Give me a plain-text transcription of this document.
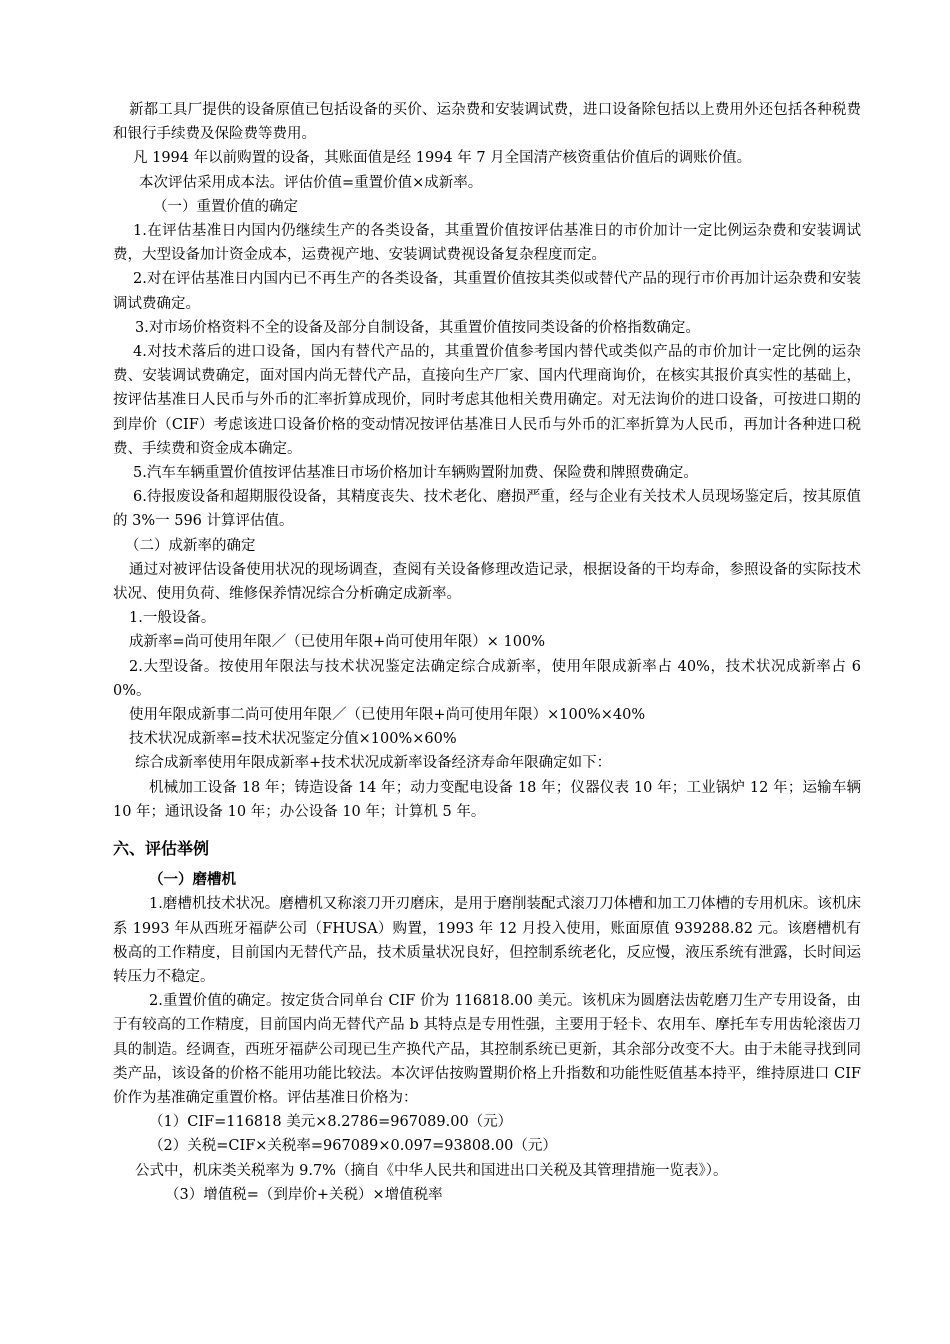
新都工具厂提供的设备原值已包括设备的买价、运杂费和安装调试费，进口设备除包括以上费用外还包括各种税费和银行手续费及保险费等费用。

凡 1994 年以前购置的设备，其账面值是经 1994 年 7 月全国清产核资重估价值后的调账价值。

本次评估采用成本法。评估价值=重置价值×成新率。

（一）重置价值的确定

1.在评估基准日内国内仍继续生产的各类设备，其重置价值按评估基准日的市价加计一定比例运杂费和安装调试费，大型设备加计资金成本，运费视产地、安装调试费视设备复杂程度而定。

2.对在评估基准日内国内已不再生产的各类设备，其重置价值按其类似或替代产品的现行市价再加计运杂费和安装调试费确定。

3.对市场价格资料不全的设备及部分自制设备，其重置价值按同类设备的价格指数确定。

4.对技术落后的进口设备，国内有替代产品的，其重置价值参考国内替代或类似产品的市价加计一定比例的运杂费、安装调试费确定，面对国内尚无替代产品，直接向生产厂家、国内代理商询价，在核实其报价真实性的基础上，按评估基准日人民币与外币的汇率折算成现价，同时考虑其他相关费用确定。对无法询价的进口设备，可按进口期的到岸价（CIF）考虑该进口设备价格的变动情况按评估基准日人民币与外币的汇率折算为人民币，再加计各种进口税费、手续费和资金成本确定。

5.汽车车辆重置价值按评估基准日市场价格加计车辆购置附加费、保险费和牌照费确定。

6.待报废设备和超期服役设备，其精度丧失、技术老化、磨损严重，经与企业有关技术人员现场鉴定后，按其原值的 3%一 596 计算评估值。

（二）成新率的确定

通过对被评估设备使用状况的现场调查，查阅有关设备修理改造记录，根据设备的干均寿命，参照设备的实际技术状况、使用负荷、维修保养情况综合分析确定成新率。

1.一般设备。

成新率=尚可使用年限／（已使用年限+尚可使用年限）× 100%

2.大型设备。按使用年限法与技术状况鉴定法确定综合成新率，使用年限成新率占 40%，技术状况成新率占 60%。

使用年限成新事二尚可使用年限／（已使用年限+尚可使用年限）×100%×40%

技术状况成新率=技术状况鉴定分值×100%×60%

综合成新率使用年限成新率+技术状况成新率设备经济寿命年限确定如下：

机械加工设备 18 年；铸造设备 14 年；动力变配电设备 18 年；仪器仪表 10 年；工业锅炉 12 年；运输车辆 10 年；通讯设备 10 年；办公设备 10 年；计算机 5 年。

六、评估举例
（一）磨槽机

1.磨槽机技术状况。磨槽机又称滚刀开刃磨床，是用于磨削装配式滚刀刀体槽和加工刀体槽的专用机床。该机床系 1993 年从西班牙福萨公司（FHUSA）购置，1993 年 12 月投入使用，账面原值 939288.82 元。该磨槽机有极高的工作精度，目前国内无替代产品，技术质量状况良好，但控制系统老化，反应慢，液压系统有泄露，长时间运转压力不稳定。

2.重置价值的确定。按定货合同单台 CIF 价为 116818.00 美元。该机床为圆磨法齿乾磨刀生产专用设备，由于有较高的工作精度，目前国内尚无替代产品 b 其特点是专用性强，主要用于轻卡、农用车、摩托车专用齿轮滚齿刀具的制造。经调查，西班牙福萨公司现已生产换代产品，其控制系统已更新，其余部分改变不大。由于未能寻找到同类产品，该设备的价格不能用功能比较法。本次评估按购置期价格上升指数和功能性贬值基本持平，维持原进口 CIF 价作为基准确定重置价格。评估基准日价格为：

（1）CIF=116818 美元×8.2786=967089.00（元）

（2）关税=CIF×关税率=967089×0.097=93808.00（元）

公式中，机床类关税率为 9.7%（摘自《中华人民共和国进出口关税及其管理措施一览表》）。

（3）增值税=（到岸价+关税）×增值税率
